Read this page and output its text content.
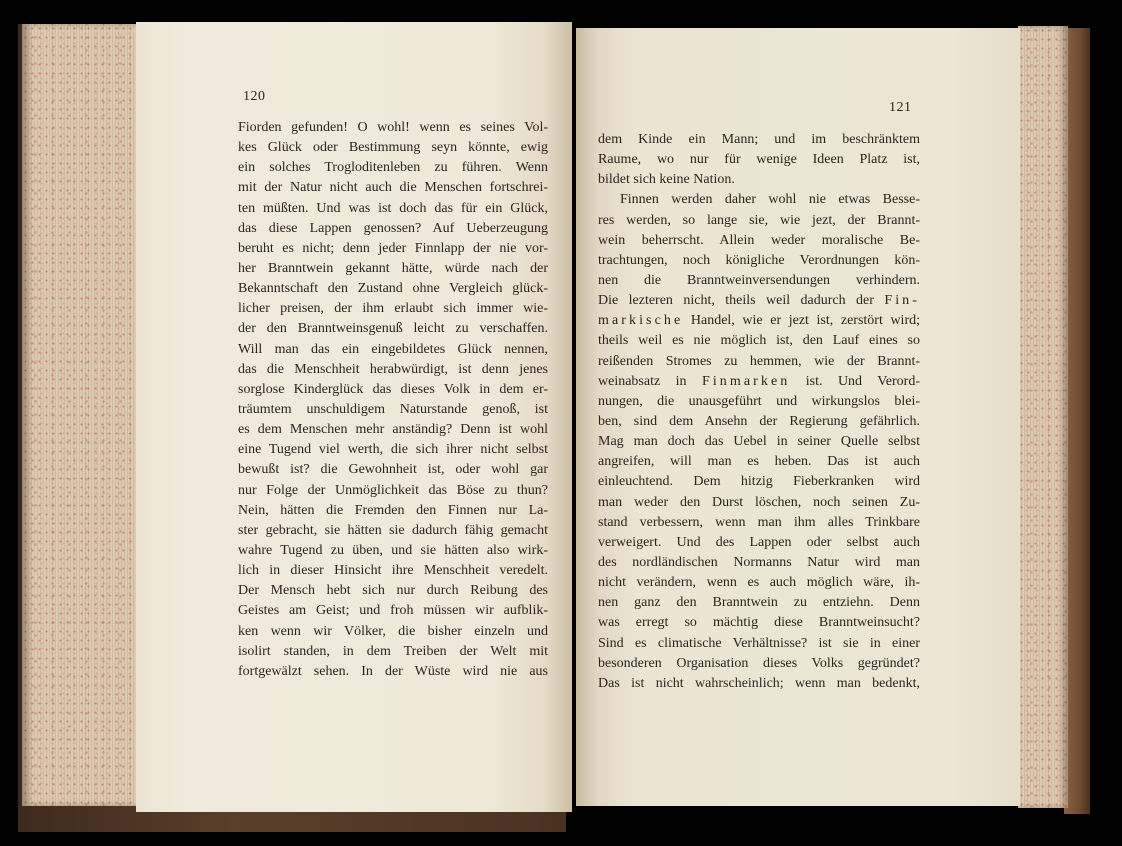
120
Fiorden gefunden! O wohl! wenn es seines Vol-
kes Glück oder Bestimmung seyn könnte, ewig
ein solches Trogloditenleben zu führen. Wenn
mit der Natur nicht auch die Menschen fortschrei-
ten müßten. Und was ist doch das für ein Glück,
das diese Lappen genossen? Auf Ueberzeugung
beruht es nicht; denn jeder Finnlapp der nie vor-
her Branntwein gekannt hätte, würde nach der
Bekanntschaft den Zustand ohne Vergleich glück-
licher preisen, der ihm erlaubt sich immer wie-
der den Branntweinsgenuß leicht zu verschaffen.
Will man das ein eingebildetes Glück nennen,
das die Menschheit herabwürdigt, ist denn jenes
sorglose Kinderglück das dieses Volk in dem er-
träumtem unschuldigem Naturstande genoß, ist
es dem Menschen mehr anständig? Denn ist wohl
eine Tugend viel werth, die sich ihrer nicht selbst
bewußt ist? die Gewohnheit ist, oder wohl gar
nur Folge der Unmöglichkeit das Böse zu thun?
Nein, hätten die Fremden den Finnen nur La-
ster gebracht, sie hätten sie dadurch fähig gemacht
wahre Tugend zu üben, und sie hätten also wirk-
lich in dieser Hinsicht ihre Menschheit veredelt.
Der Mensch hebt sich nur durch Reibung des
Geistes am Geist; und froh müssen wir aufblik-
ken wenn wir Völker, die bisher einzeln und
isolirt standen, in dem Treiben der Welt mit
fortgewälzt sehen. In der Wüste wird nie aus
121
dem Kinde ein Mann; und im beschränktem
Raume, wo nur für wenige Ideen Platz ist,
bildet sich keine Nation.
Finnen werden daher wohl nie etwas Besse-
res werden, so lange sie, wie jezt, der Brannt-
wein beherrscht. Allein weder moralische Be-
trachtungen, noch königliche Verordnungen kön-
nen die Branntweinversendungen verhindern.
Die lezteren nicht, theils weil dadurch der Fin-
markische Handel, wie er jezt ist, zerstört wird;
theils weil es nie möglich ist, den Lauf eines so
reißenden Stromes zu hemmen, wie der Brannt-
weinabsatz in Finmarken ist. Und Verord-
nungen, die unausgeführt und wirkungslos blei-
ben, sind dem Ansehn der Regierung gefährlich.
Mag man doch das Uebel in seiner Quelle selbst
angreifen, will man es heben. Das ist auch
einleuchtend. Dem hitzig Fieberkranken wird
man weder den Durst löschen, noch seinen Zu-
stand verbessern, wenn man ihm alles Trinkbare
verweigert. Und des Lappen oder selbst auch
des nordländischen Normanns Natur wird man
nicht verändern, wenn es auch möglich wäre, ih-
nen ganz den Branntwein zu entziehn. Denn
was erregt so mächtig diese Branntweinsucht?
Sind es climatische Verhältnisse? ist sie in einer
besonderen Organisation dieses Volks gegründet?
Das ist nicht wahrscheinlich; wenn man bedenkt,
